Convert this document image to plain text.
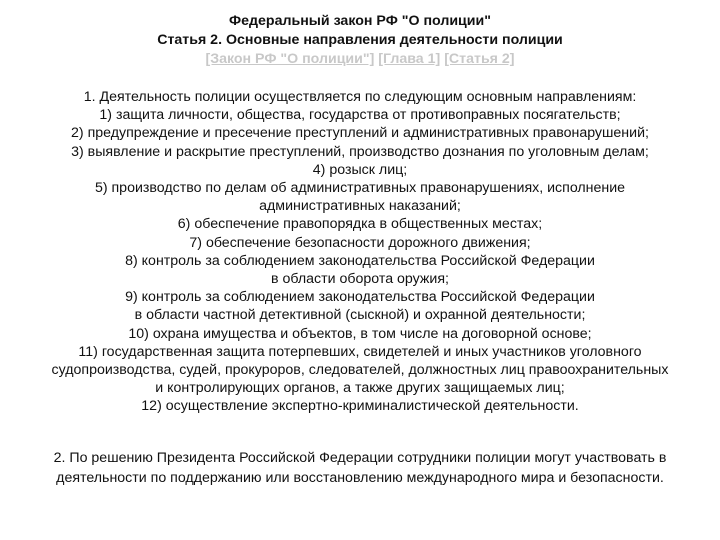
Федеральный закон РФ "О полиции"
Статья 2. Основные направления деятельности полиции
[Закон РФ "О полиции"] [Глава 1] [Статья 2]
1. Деятельность полиции осуществляется по следующим основным направлениям:
1) защита личности, общества, государства от противоправных посягательств;
2) предупреждение и пресечение преступлений и административных правонарушений;
3) выявление и раскрытие преступлений, производство дознания по уголовным делам;
4) розыск лиц;
5) производство по делам об административных правонарушениях, исполнение
административных наказаний;
6) обеспечение правопорядка в общественных местах;
7) обеспечение безопасности дорожного движения;
8) контроль за соблюдением законодательства Российской Федерации
в области оборота оружия;
9) контроль за соблюдением законодательства Российской Федерации
в области частной детективной (сыскной) и охранной деятельности;
10) охрана имущества и объектов, в том числе на договорной основе;
11) государственная защита потерпевших, свидетелей и иных участников уголовного
судопроизводства, судей, прокуроров, следователей, должностных лиц правоохранительных
и контролирующих органов, а также других защищаемых лиц;
12) осуществление экспертно-криминалистической деятельности.
2. По решению Президента Российской Федерации сотрудники полиции могут участвовать в
деятельности по поддержанию или восстановлению международного мира и безопасности.
